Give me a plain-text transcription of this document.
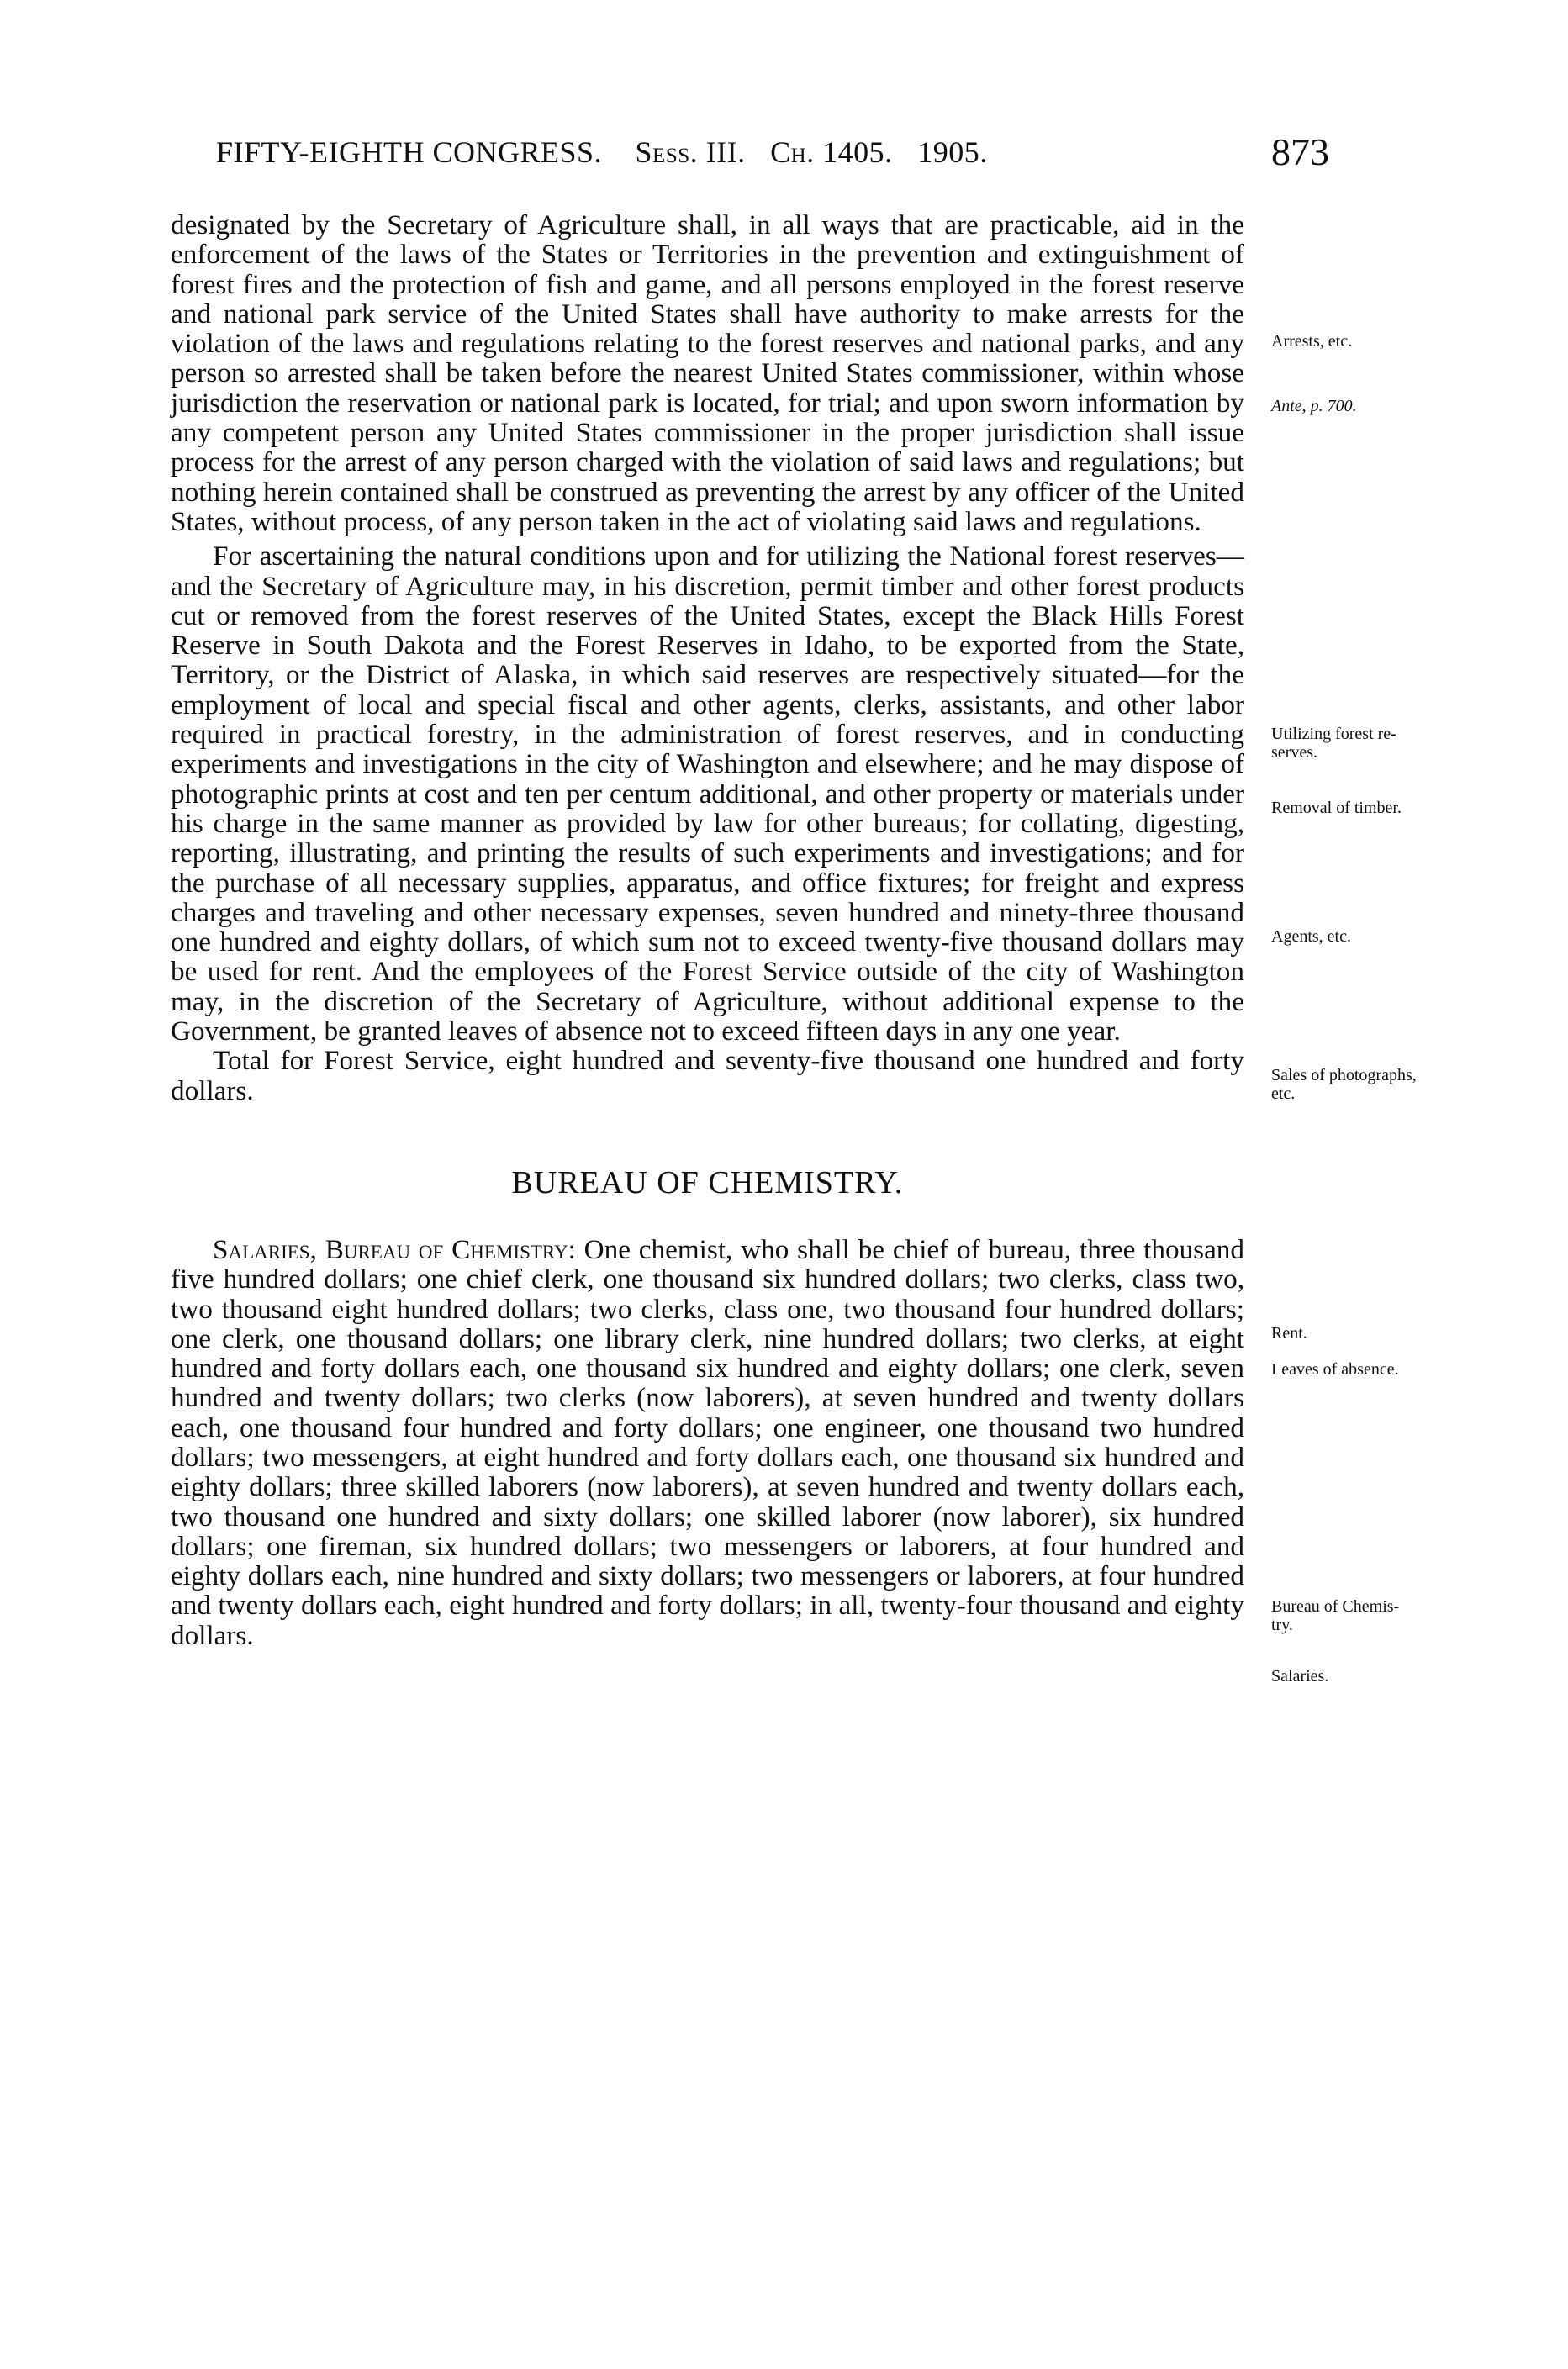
FIFTY-EIGHTH CONGRESS. Sess. III. Ch. 1405. 1905.	873

designated by the Secretary of Agriculture shall, in all ways that are practicable, aid in the enforcement of the laws of the States or Territories in the prevention and extinguishment of forest fires and the protection of fish and game, and all persons employed in the forest reserve and national park service of the United States shall have authority to make arrests for the violation of the laws and regulations relating to the forest reserves and national parks, and any person so arrested shall be taken before the nearest United States commissioner, within whose jurisdiction the reservation or national park is located, for trial; and upon sworn information by any competent person any United States commissioner in the proper jurisdiction shall issue process for the arrest of any person charged with the violation of said laws and regulations; but nothing herein contained shall be construed as preventing the arrest by any officer of the United States, without process, of any person taken in the act of violating said laws and regulations.

For ascertaining the natural conditions upon and for utilizing the National forest reserves—and the Secretary of Agriculture may, in his discretion, permit timber and other forest products cut or removed from the forest reserves of the United States, except the Black Hills Forest Reserve in South Dakota and the Forest Reserves in Idaho, to be exported from the State, Territory, or the District of Alaska, in which said reserves are respectively situated—for the employment of local and special fiscal and other agents, clerks, assistants, and other labor required in practical forestry, in the administration of forest reserves, and in conducting experiments and investigations in the city of Washington and elsewhere; and he may dispose of photographic prints at cost and ten per centum additional, and other property or materials under his charge in the same manner as provided by law for other bureaus; for collating, digesting, reporting, illustrating, and printing the results of such experiments and investigations; and for the purchase of all necessary supplies, apparatus, and office fixtures; for freight and express charges and traveling and other necessary expenses, seven hundred and ninety-three thousand one hundred and eighty dollars, of which sum not to exceed twenty-five thousand dollars may be used for rent. And the employees of the Forest Service outside of the city of Washington may, in the discretion of the Secretary of Agriculture, without additional expense to the Government, be granted leaves of absence not to exceed fifteen days in any one year.

Total for Forest Service, eight hundred and seventy-five thousand one hundred and forty dollars.

BUREAU OF CHEMISTRY.

Salaries, Bureau of Chemistry: One chemist, who shall be chief of bureau, three thousand five hundred dollars; one chief clerk, one thousand six hundred dollars; two clerks, class two, two thousand eight hundred dollars; two clerks, class one, two thousand four hundred dollars; one clerk, one thousand dollars; one library clerk, nine hundred dollars; two clerks, at eight hundred and forty dollars each, one thousand six hundred and eighty dollars; one clerk, seven hundred and twenty dollars; two clerks (now laborers), at seven hundred and twenty dollars each, one thousand four hundred and forty dollars; one engineer, one thousand two hundred dollars; two messengers, at eight hundred and forty dollars each, one thousand six hundred and eighty dollars; three skilled laborers (now laborers), at seven hundred and twenty dollars each, two thousand one hundred and sixty dollars; one skilled laborer (now laborer), six hundred dollars; one fireman, six hundred dollars; two messengers or laborers, at four hundred and eighty dollars each, nine hundred and sixty dollars; two messengers or laborers, at four hundred and twenty dollars each, eight hundred and forty dollars; in all, twenty-four thousand and eighty dollars.

Arrests, etc.
Ante, p. 700.
Utilizing forest re-
serves.
Removal of timber.
Agents, etc.
Sales of photographs,
etc.
Rent.
Leaves of absence.
Bureau of Chemis-
try.
Salaries.
